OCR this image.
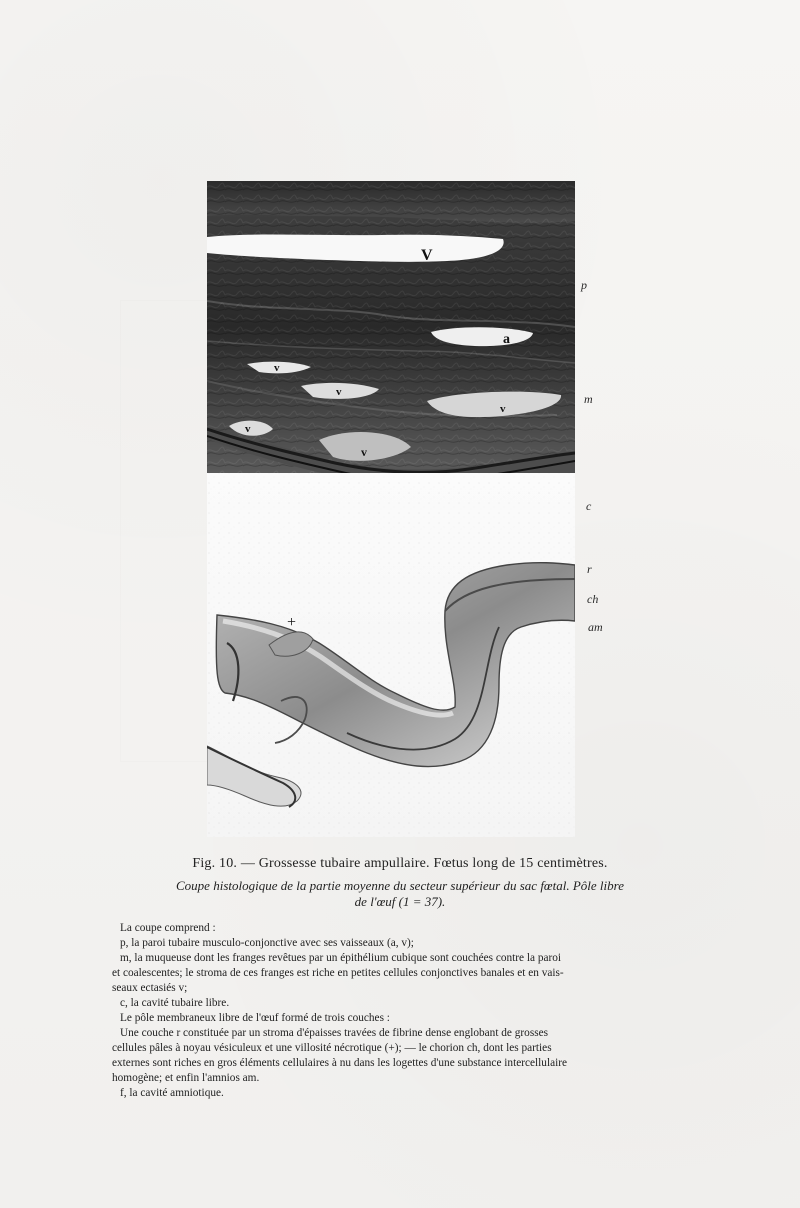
V
a
v
v
v
v
v
+
p
m
c
r
ch
am
Fig. 10. — Grossesse tubaire ampullaire. Fœtus long de 15 centimètres.
Coupe histologique de la partie moyenne du secteur supérieur du sac fœtal. Pôle libre
de l'œuf (1 = 37).

La coupe comprend :

p, la paroi tubaire musculo-conjonctive avec ses vaisseaux (a, v);

m, la muqueuse dont les franges revêtues par un épithélium cubique sont couchées contre la paroi

et coalescentes; le stroma de ces franges est riche en petites cellules conjonctives banales et en vais-

seaux ectasiés v;

c, la cavité tubaire libre.

Le pôle membraneux libre de l'œuf formé de trois couches :

Une couche r constituée par un stroma d'épaisses travées de fibrine dense englobant de grosses

cellules pâles à noyau vésiculeux et une villosité nécrotique (+); — le chorion ch, dont les parties

externes sont riches en gros éléments cellulaires à nu dans les logettes d'une substance intercellulaire

homogène; et enfin l'amnios am.

f, la cavité amniotique.
